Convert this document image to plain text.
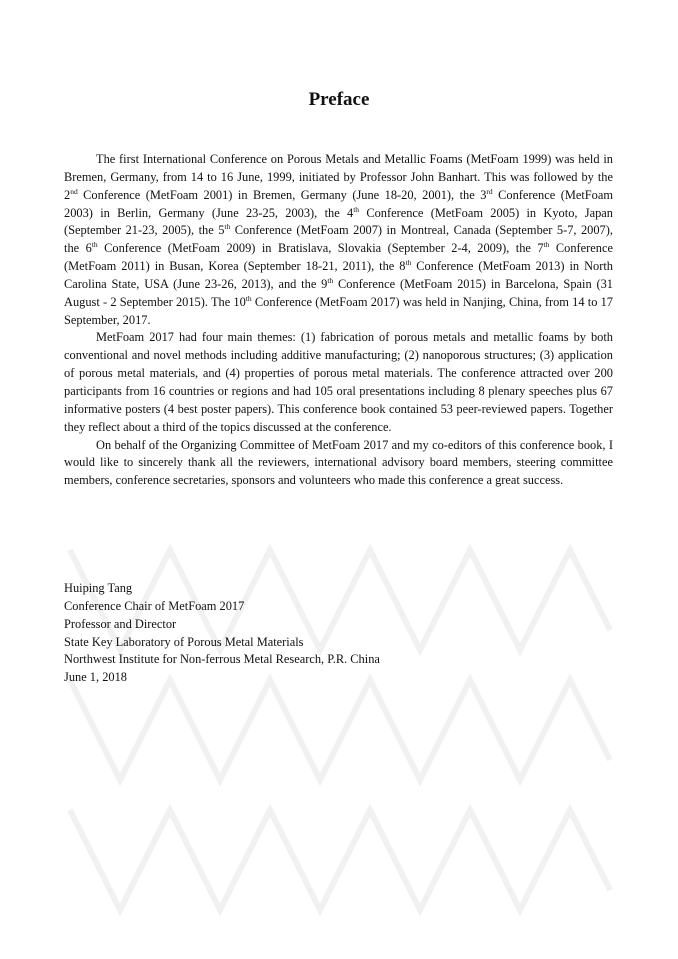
Preface

The first International Conference on Porous Metals and Metallic Foams (MetFoam 1999) was held in Bremen, Germany, from 14 to 16 June, 1999, initiated by Professor John Banhart. This was followed by the 2nd Conference (MetFoam 2001) in Bremen, Germany (June 18-20, 2001), the 3rd Conference (MetFoam 2003) in Berlin, Germany (June 23-25, 2003), the 4th Conference (MetFoam 2005) in Kyoto, Japan (September 21-23, 2005), the 5th Conference (MetFoam 2007) in Montreal, Canada (September 5-7, 2007), the 6th Conference (MetFoam 2009) in Bratislava, Slovakia (September 2-4, 2009), the 7th Conference (MetFoam 2011) in Busan, Korea (September 18-21, 2011), the 8th Conference (MetFoam 2013) in North Carolina State, USA (June 23-26, 2013), and the 9th Conference (MetFoam 2015) in Barcelona, Spain (31 August - 2 September 2015). The 10th Conference (MetFoam 2017) was held in Nanjing, China, from 14 to 17 September, 2017.

MetFoam 2017 had four main themes: (1) fabrication of porous metals and metallic foams by both conventional and novel methods including additive manufacturing; (2) nanoporous structures; (3) application of porous metal materials, and (4) properties of porous metal materials. The conference attracted over 200 participants from 16 countries or regions and had 105 oral presentations including 8 plenary speeches plus 67 informative posters (4 best poster papers). This conference book contained 53 peer-reviewed papers. Together they reflect about a third of the topics discussed at the conference.

On behalf of the Organizing Committee of MetFoam 2017 and my co-editors of this conference book, I would like to sincerely thank all the reviewers, international advisory board members, steering committee members, conference secretaries, sponsors and volunteers who made this conference a great success.

Huiping Tang
Conference Chair of MetFoam 2017
Professor and Director
State Key Laboratory of Porous Metal Materials
Northwest Institute for Non-ferrous Metal Research, P.R. China
June 1, 2018
